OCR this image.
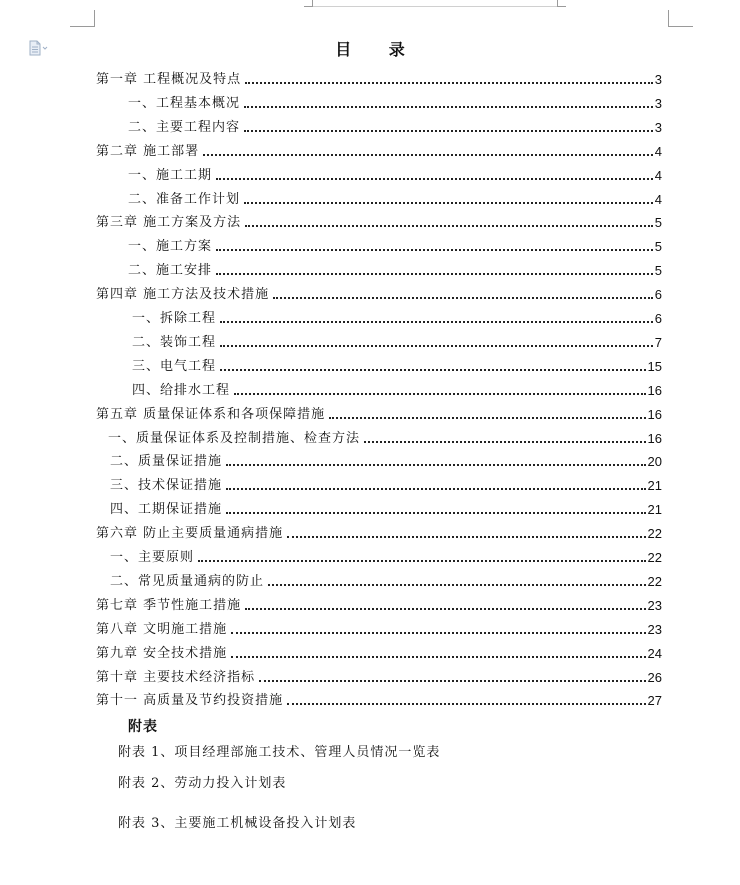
目 录
第一章 工程概况及特点	3
一、工程基本概况	3
二、主要工程内容	3
第二章 施工部署	4
一、施工工期	4
二、准备工作计划	4
第三章 施工方案及方法	5
一、施工方案	5
二、施工安排	5
第四章 施工方法及技术措施	6
一、拆除工程	6
二、装饰工程	7
三、电气工程	15
四、给排水工程	16
第五章 质量保证体系和各项保障措施	16
一、质量保证体系及控制措施、检查方法	16
二、质量保证措施	20
三、技术保证措施	21
四、工期保证措施	21
第六章 防止主要质量通病措施	22
一、主要原则	22
二、常见质量通病的防止	22
第七章 季节性施工措施	23
第八章 文明施工措施	23
第九章 安全技术措施	24
第十章 主要技术经济指标	26
第十一 高质量及节约投资措施	27
附表
附表 1、项目经理部施工技术、管理人员情况一览表
附表 2、劳动力投入计划表
附表 3、主要施工机械设备投入计划表
